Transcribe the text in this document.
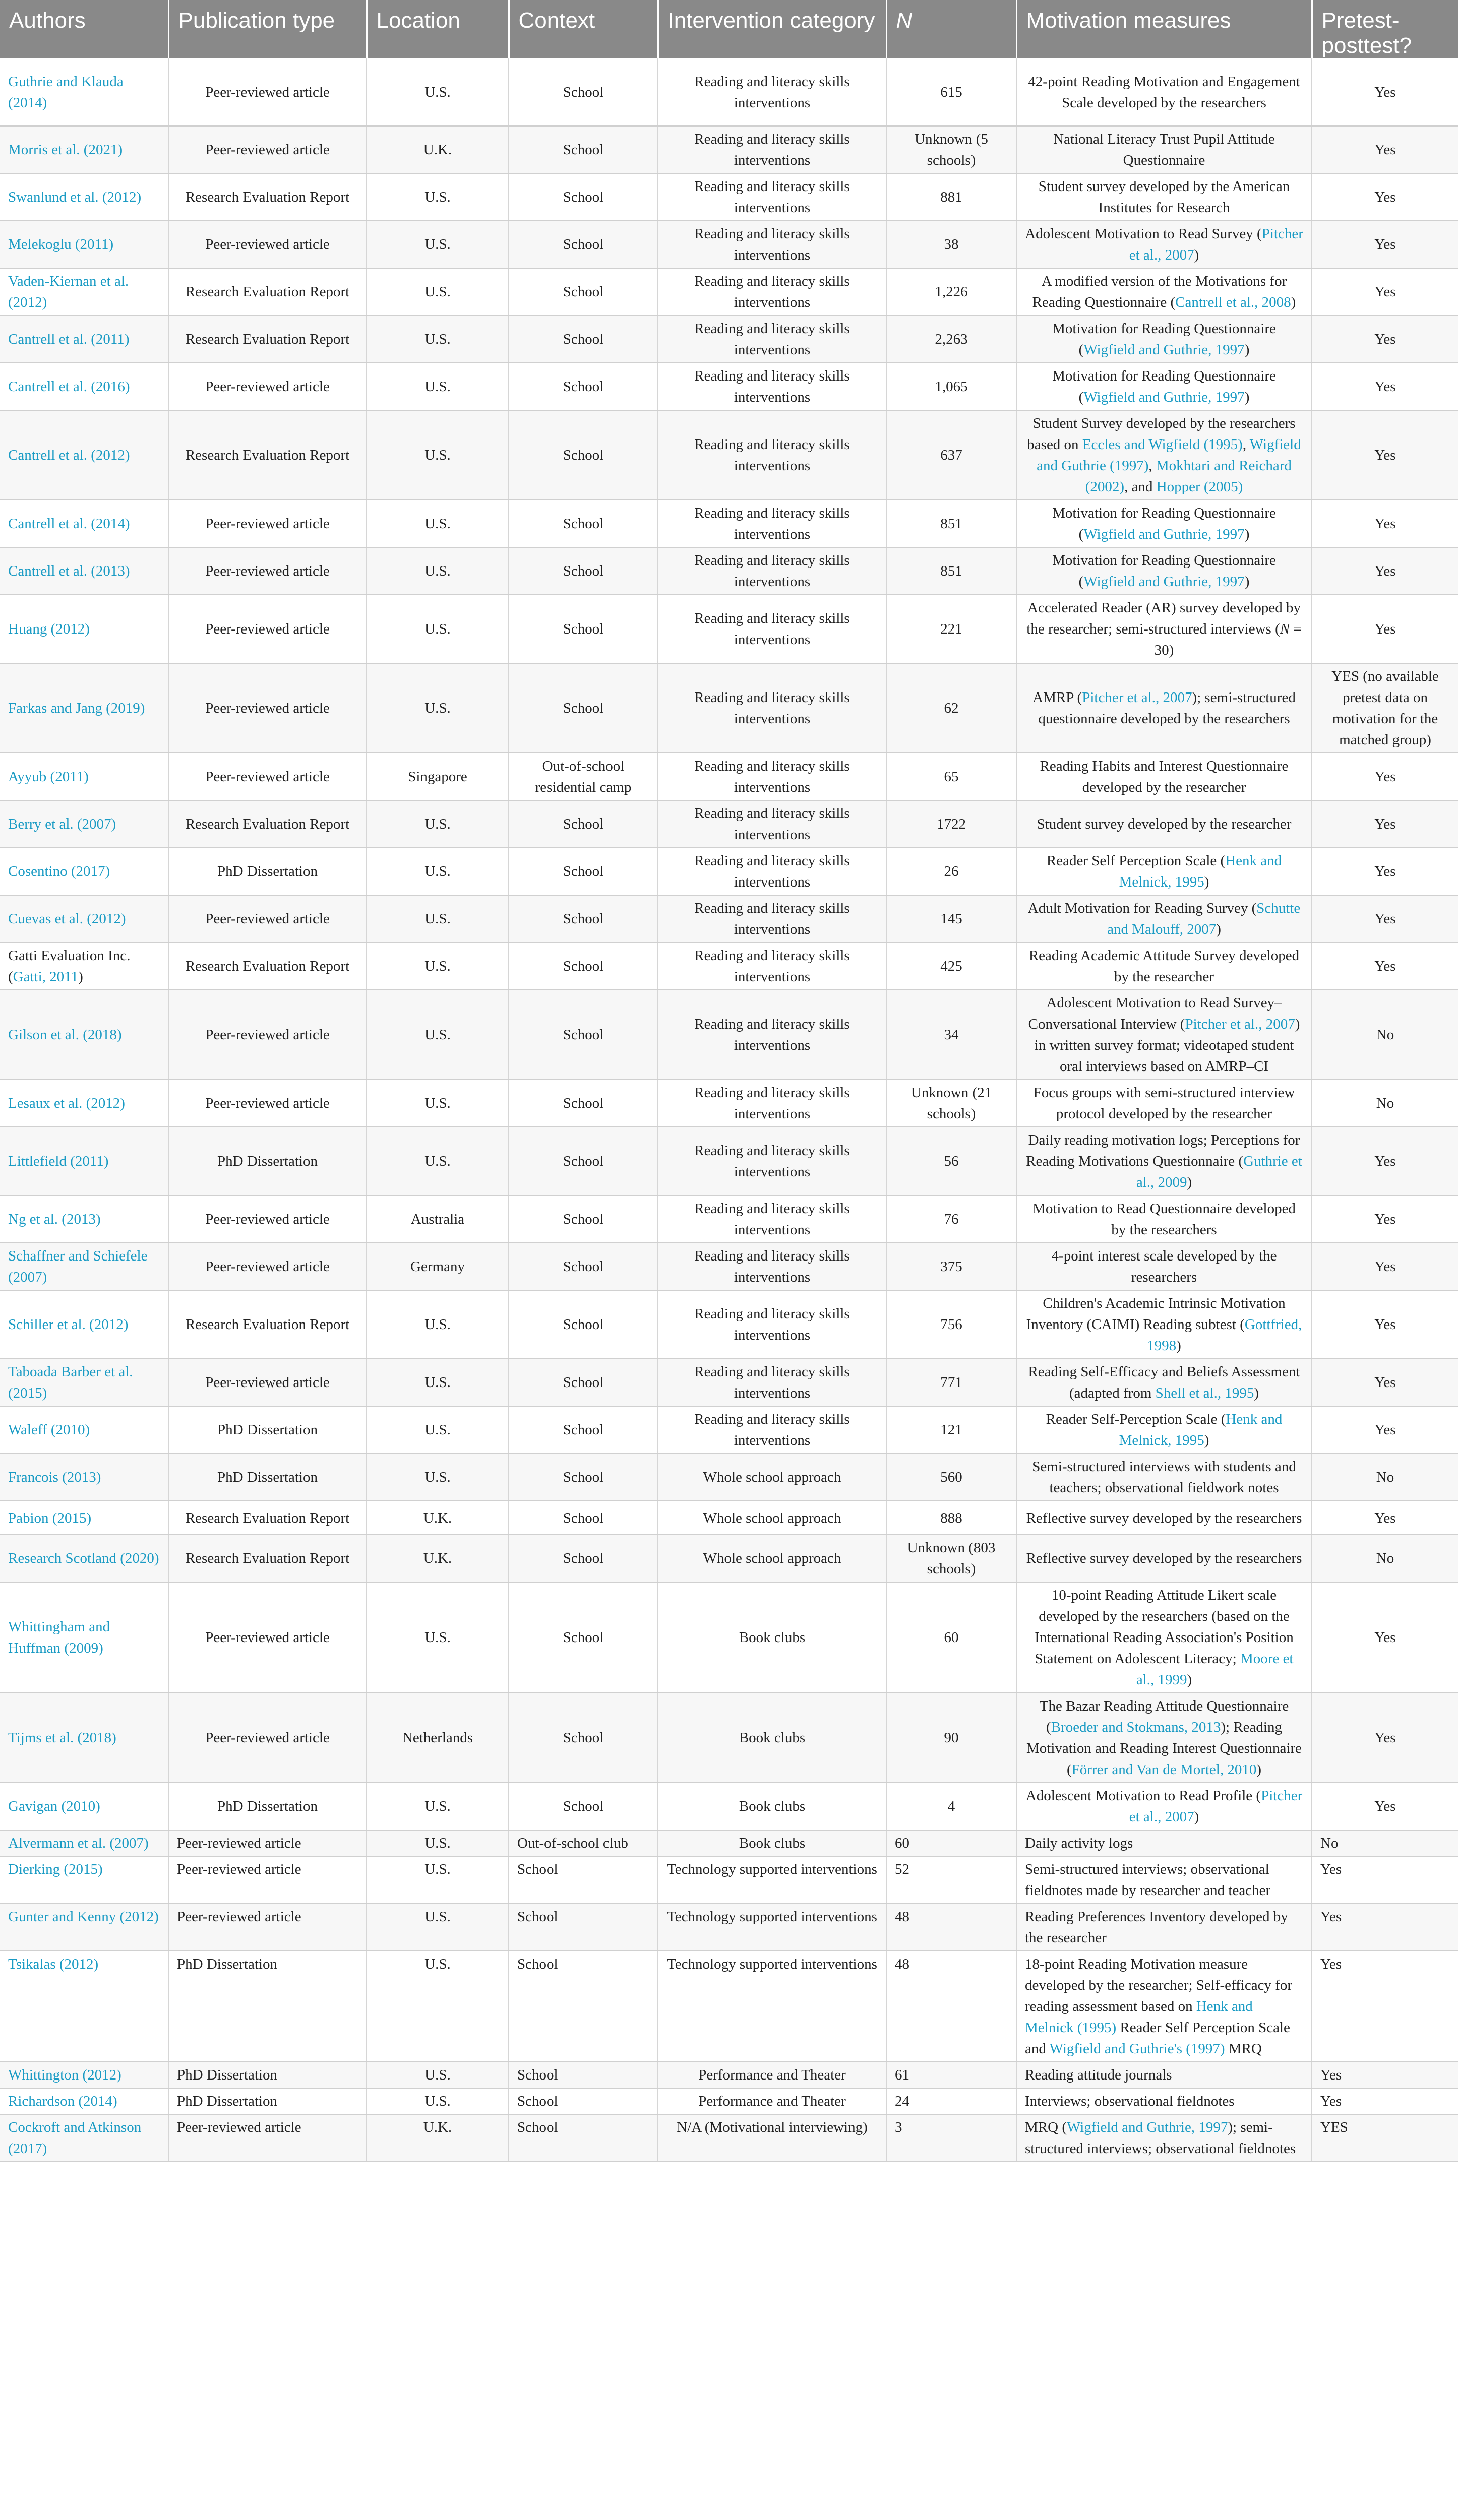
Authors	Publication type	Location	Context	Intervention category	N	Motivation measures	Pretest-posttest?
Guthrie and Klauda (2014)	Peer-reviewed article	U.S.	School	Reading and literacy skills interventions	615	42-point Reading Motivation and Engagement Scale developed by the researchers	Yes
Morris et al. (2021)	Peer-reviewed article	U.K.	School	Reading and literacy skills interventions	Unknown (5 schools)	National Literacy Trust Pupil Attitude Questionnaire	Yes
Swanlund et al. (2012)	Research Evaluation Report	U.S.	School	Reading and literacy skills interventions	881	Student survey developed by the American Institutes for Research	Yes
Melekoglu (2011)	Peer-reviewed article	U.S.	School	Reading and literacy skills interventions	38	Adolescent Motivation to Read Survey (Pitcher et al., 2007)	Yes
Vaden-Kiernan et al. (2012)	Research Evaluation Report	U.S.	School	Reading and literacy skills interventions	1,226	A modified version of the Motivations for Reading Questionnaire (Cantrell et al., 2008)	Yes
Cantrell et al. (2011)	Research Evaluation Report	U.S.	School	Reading and literacy skills interventions	2,263	Motivation for Reading Questionnaire (Wigfield and Guthrie, 1997)	Yes
Cantrell et al. (2016)	Peer-reviewed article	U.S.	School	Reading and literacy skills interventions	1,065	Motivation for Reading Questionnaire (Wigfield and Guthrie, 1997)	Yes
Cantrell et al. (2012)	Research Evaluation Report	U.S.	School	Reading and literacy skills interventions	637	Student Survey developed by the researchers based on Eccles and Wigfield (1995), Wigfield and Guthrie (1997), Mokhtari and Reichard (2002), and Hopper (2005)	Yes
Cantrell et al. (2014)	Peer-reviewed article	U.S.	School	Reading and literacy skills interventions	851	Motivation for Reading Questionnaire (Wigfield and Guthrie, 1997)	Yes
Cantrell et al. (2013)	Peer-reviewed article	U.S.	School	Reading and literacy skills interventions	851	Motivation for Reading Questionnaire (Wigfield and Guthrie, 1997)	Yes
Huang (2012)	Peer-reviewed article	U.S.	School	Reading and literacy skills interventions	221	Accelerated Reader (AR) survey developed by the researcher; semi-structured interviews (N = 30)	Yes
Farkas and Jang (2019)	Peer-reviewed article	U.S.	School	Reading and literacy skills interventions	62	AMRP (Pitcher et al., 2007); semi-structured questionnaire developed by the researchers	YES (no available pretest data on motivation for the matched group)
Ayyub (2011)	Peer-reviewed article	Singapore	Out-of-school residential camp	Reading and literacy skills interventions	65	Reading Habits and Interest Questionnaire developed by the researcher	Yes
Berry et al. (2007)	Research Evaluation Report	U.S.	School	Reading and literacy skills interventions	1722	Student survey developed by the researcher	Yes
Cosentino (2017)	PhD Dissertation	U.S.	School	Reading and literacy skills interventions	26	Reader Self Perception Scale (Henk and Melnick, 1995)	Yes
Cuevas et al. (2012)	Peer-reviewed article	U.S.	School	Reading and literacy skills interventions	145	Adult Motivation for Reading Survey (Schutte and Malouff, 2007)	Yes
Gatti Evaluation Inc. (Gatti, 2011)	Research Evaluation Report	U.S.	School	Reading and literacy skills interventions	425	Reading Academic Attitude Survey developed by the researcher	Yes
Gilson et al. (2018)	Peer-reviewed article	U.S.	School	Reading and literacy skills interventions	34	Adolescent Motivation to Read Survey–Conversational Interview (Pitcher et al., 2007) in written survey format; videotaped student oral interviews based on AMRP–CI	No
Lesaux et al. (2012)	Peer-reviewed article	U.S.	School	Reading and literacy skills interventions	Unknown (21 schools)	Focus groups with semi-structured interview protocol developed by the researcher	No
Littlefield (2011)	PhD Dissertation	U.S.	School	Reading and literacy skills interventions	56	Daily reading motivation logs; Perceptions for Reading Motivations Questionnaire (Guthrie et al., 2009)	Yes
Ng et al. (2013)	Peer-reviewed article	Australia	School	Reading and literacy skills interventions	76	Motivation to Read Questionnaire developed by the researchers	Yes
Schaffner and Schiefele (2007)	Peer-reviewed article	Germany	School	Reading and literacy skills interventions	375	4-point interest scale developed by the researchers	Yes
Schiller et al. (2012)	Research Evaluation Report	U.S.	School	Reading and literacy skills interventions	756	Children's Academic Intrinsic Motivation Inventory (CAIMI) Reading subtest (Gottfried, 1998)	Yes
Taboada Barber et al. (2015)	Peer-reviewed article	U.S.	School	Reading and literacy skills interventions	771	Reading Self-Efficacy and Beliefs Assessment (adapted from Shell et al., 1995)	Yes
Waleff (2010)	PhD Dissertation	U.S.	School	Reading and literacy skills interventions	121	Reader Self-Perception Scale (Henk and Melnick, 1995)	Yes
Francois (2013)	PhD Dissertation	U.S.	School	Whole school approach	560	Semi-structured interviews with students and teachers; observational fieldwork notes	No
Pabion (2015)	Research Evaluation Report	U.K.	School	Whole school approach	888	Reflective survey developed by the researchers	Yes
Research Scotland (2020)	Research Evaluation Report	U.K.	School	Whole school approach	Unknown (803 schools)	Reflective survey developed by the researchers	No
Whittingham and Huffman (2009)	Peer-reviewed article	U.S.	School	Book clubs	60	10-point Reading Attitude Likert scale developed by the researchers (based on the International Reading Association's Position Statement on Adolescent Literacy; Moore et al., 1999)	Yes
Tijms et al. (2018)	Peer-reviewed article	Netherlands	School	Book clubs	90	The Bazar Reading Attitude Questionnaire (Broeder and Stokmans, 2013); Reading Motivation and Reading Interest Questionnaire (Förrer and Van de Mortel, 2010)	Yes
Gavigan (2010)	PhD Dissertation	U.S.	School	Book clubs	4	Adolescent Motivation to Read Profile (Pitcher et al., 2007)	Yes
Alvermann et al. (2007)	Peer-reviewed article	U.S.	Out-of-school club	Book clubs	60	Daily activity logs	No
Dierking (2015)	Peer-reviewed article	U.S.	School	Technology supported interventions	52	Semi-structured interviews; observational fieldnotes made by researcher and teacher	Yes
Gunter and Kenny (2012)	Peer-reviewed article	U.S.	School	Technology supported interventions	48	Reading Preferences Inventory developed by the researcher	Yes
Tsikalas (2012)	PhD Dissertation	U.S.	School	Technology supported interventions	48	18-point Reading Motivation measure developed by the researcher; Self-efficacy for reading assessment based on Henk and Melnick (1995) Reader Self Perception Scale and Wigfield and Guthrie's (1997) MRQ	Yes
Whittington (2012)	PhD Dissertation	U.S.	School	Performance and Theater	61	Reading attitude journals	Yes
Richardson (2014)	PhD Dissertation	U.S.	School	Performance and Theater	24	Interviews; observational fieldnotes	Yes
Cockroft and Atkinson (2017)	Peer-reviewed article	U.K.	School	N/A (Motivational interviewing)	3	MRQ (Wigfield and Guthrie, 1997); semi-structured interviews; observational fieldnotes	YES
